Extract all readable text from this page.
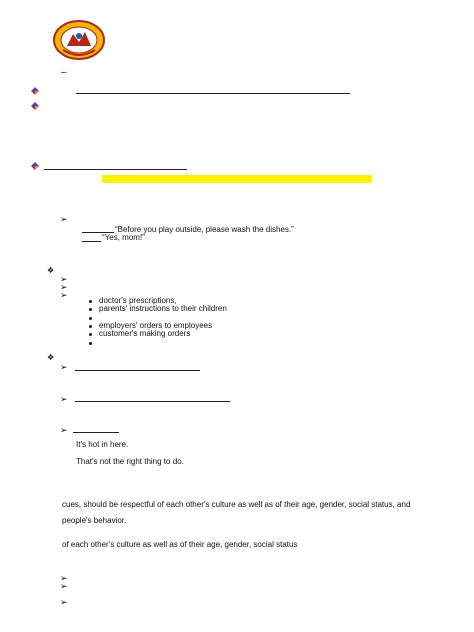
–
➢
“Before you play outside, please wash the dishes.”
“Yes, mom!”
❖
➢
➢
➢
doctor's prescriptions,
parents' instructions to their children
employers' orders to employees
customer's making orders
❖
➢
➢
➢
It's hot in here.
That's not the right thing to do.
cues, should be respectful of each other's culture as well as of their age, gender, social status, and
people's behavior.
of each other's culture as well as of their age, gender, social status
➢
➢
➢
